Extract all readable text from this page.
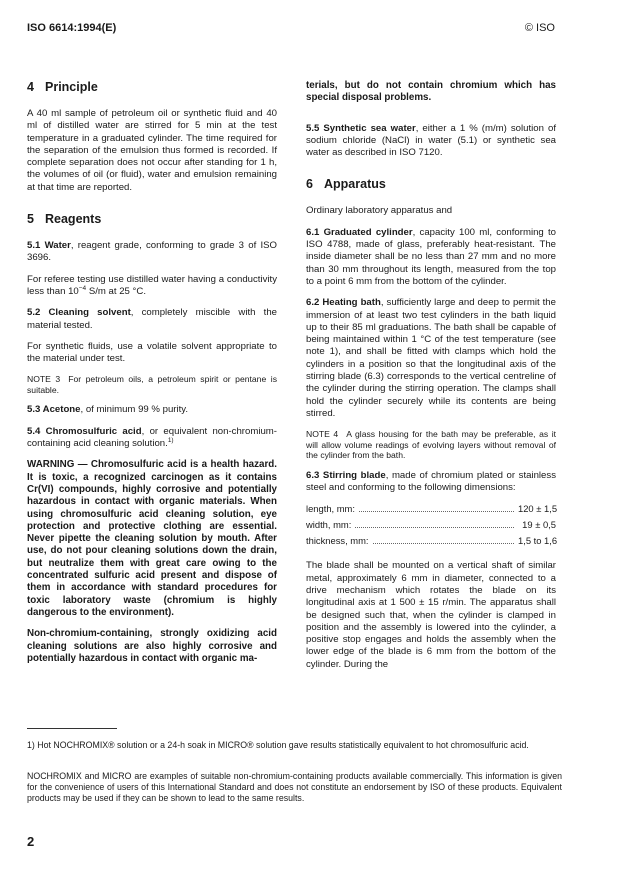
ISO 6614:1994(E)	© ISO
4 Principle

A 40 ml sample of petroleum oil or synthetic fluid and 40 ml of distilled water are stirred for 5 min at the test temperature in a graduated cylinder. The time required for the separation of the emulsion thus formed is recorded. If complete separation does not occur after standing for 1 h, the volumes of oil (or fluid), water and emulsion remaining at that time are reported.

5 Reagents

5.1 Water, reagent grade, conforming to grade 3 of ISO 3696.

For referee testing use distilled water having a conductivity less than $10^{-4}$ S/m at 25 °C.

5.2 Cleaning solvent, completely miscible with the material tested.

For synthetic fluids, use a volatile solvent appropriate to the material under test.

NOTE 3 For petroleum oils, a petroleum spirit or pentane is suitable.

5.3 Acetone, of minimum 99 % purity.

5.4 Chromosulfuric acid, or equivalent non-chromium-containing acid cleaning solution.$^{1)}$

WARNING — Chromosulfuric acid is a health hazard. It is toxic, a recognized carcinogen as it contains Cr(VI) compounds, highly corrosive and potentially hazardous in contact with organic materials. When using chromosulfuric acid cleaning solution, eye protection and protective clothing are essential. Never pipette the cleaning solution by mouth. After use, do not pour cleaning solutions down the drain, but neutralize them with great care owing to the concentrated sulfuric acid present and dispose of them in accordance with standard procedures for toxic laboratory waste (chromium is highly dangerous to the environment).
Non-chromium-containing, strongly oxidizing acid cleaning solutions are also highly corrosive and potentially hazardous in contact with organic ma-
terials, but do not contain chromium which has special disposal problems.

5.5 Synthetic sea water, either a 1 % (m/m) solution of sodium chloride (NaCl) in water (5.1) or synthetic sea water as described in ISO 7120.

6 Apparatus

Ordinary laboratory apparatus and

6.1 Graduated cylinder, capacity 100 ml, conforming to ISO 4788, made of glass, preferably heat-resistant. The inside diameter shall be no less than 27 mm and no more than 30 mm throughout its length, measured from the top to a point 6 mm from the bottom of the cylinder.

6.2 Heating bath, sufficiently large and deep to permit the immersion of at least two test cylinders in the bath liquid up to their 85 ml graduations. The bath shall be capable of being maintained within 1 °C of the test temperature (see note 1), and shall be fitted with clamps which hold the cylinders in a position so that the longitudinal axis of the stirring blade (6.3) corresponds to the vertical centreline of the cylinder during the stirring operation. The clamps shall hold the cylinder securely while its contents are being stirred.

NOTE 4 A glass housing for the bath may be preferable, as it will allow volume readings of evolving layers without removal of the cylinder from the bath.

6.3 Stirring blade, made of chromium plated or stainless steel and conforming to the following dimensions:

length, mm:	120 ± 1,5
width, mm:	19 ± 0,5
thickness, mm:	1,5 to 1,6

The blade shall be mounted on a vertical shaft of similar metal, approximately 6 mm in diameter, connected to a drive mechanism which rotates the blade on its longitudinal axis at 1 500 ± 15 r/min. The apparatus shall be designed such that, when the cylinder is clamped in position and the assembly is lowered into the cylinder, a positive stop engages and holds the assembly when the lower edge of the blade is 6 mm from the bottom of the cylinder. During the

1) Hot NOCHROMIX® solution or a 24-h soak in MICRO® solution gave results statistically equivalent to hot chromosulfuric acid.
NOCHROMIX and MICRO are examples of suitable non-chromium-containing products available commercially. This information is given for the convenience of users of this International Standard and does not constitute an endorsement by ISO of these products. Equivalent products may be used if they can be shown to lead to the same results.
2
